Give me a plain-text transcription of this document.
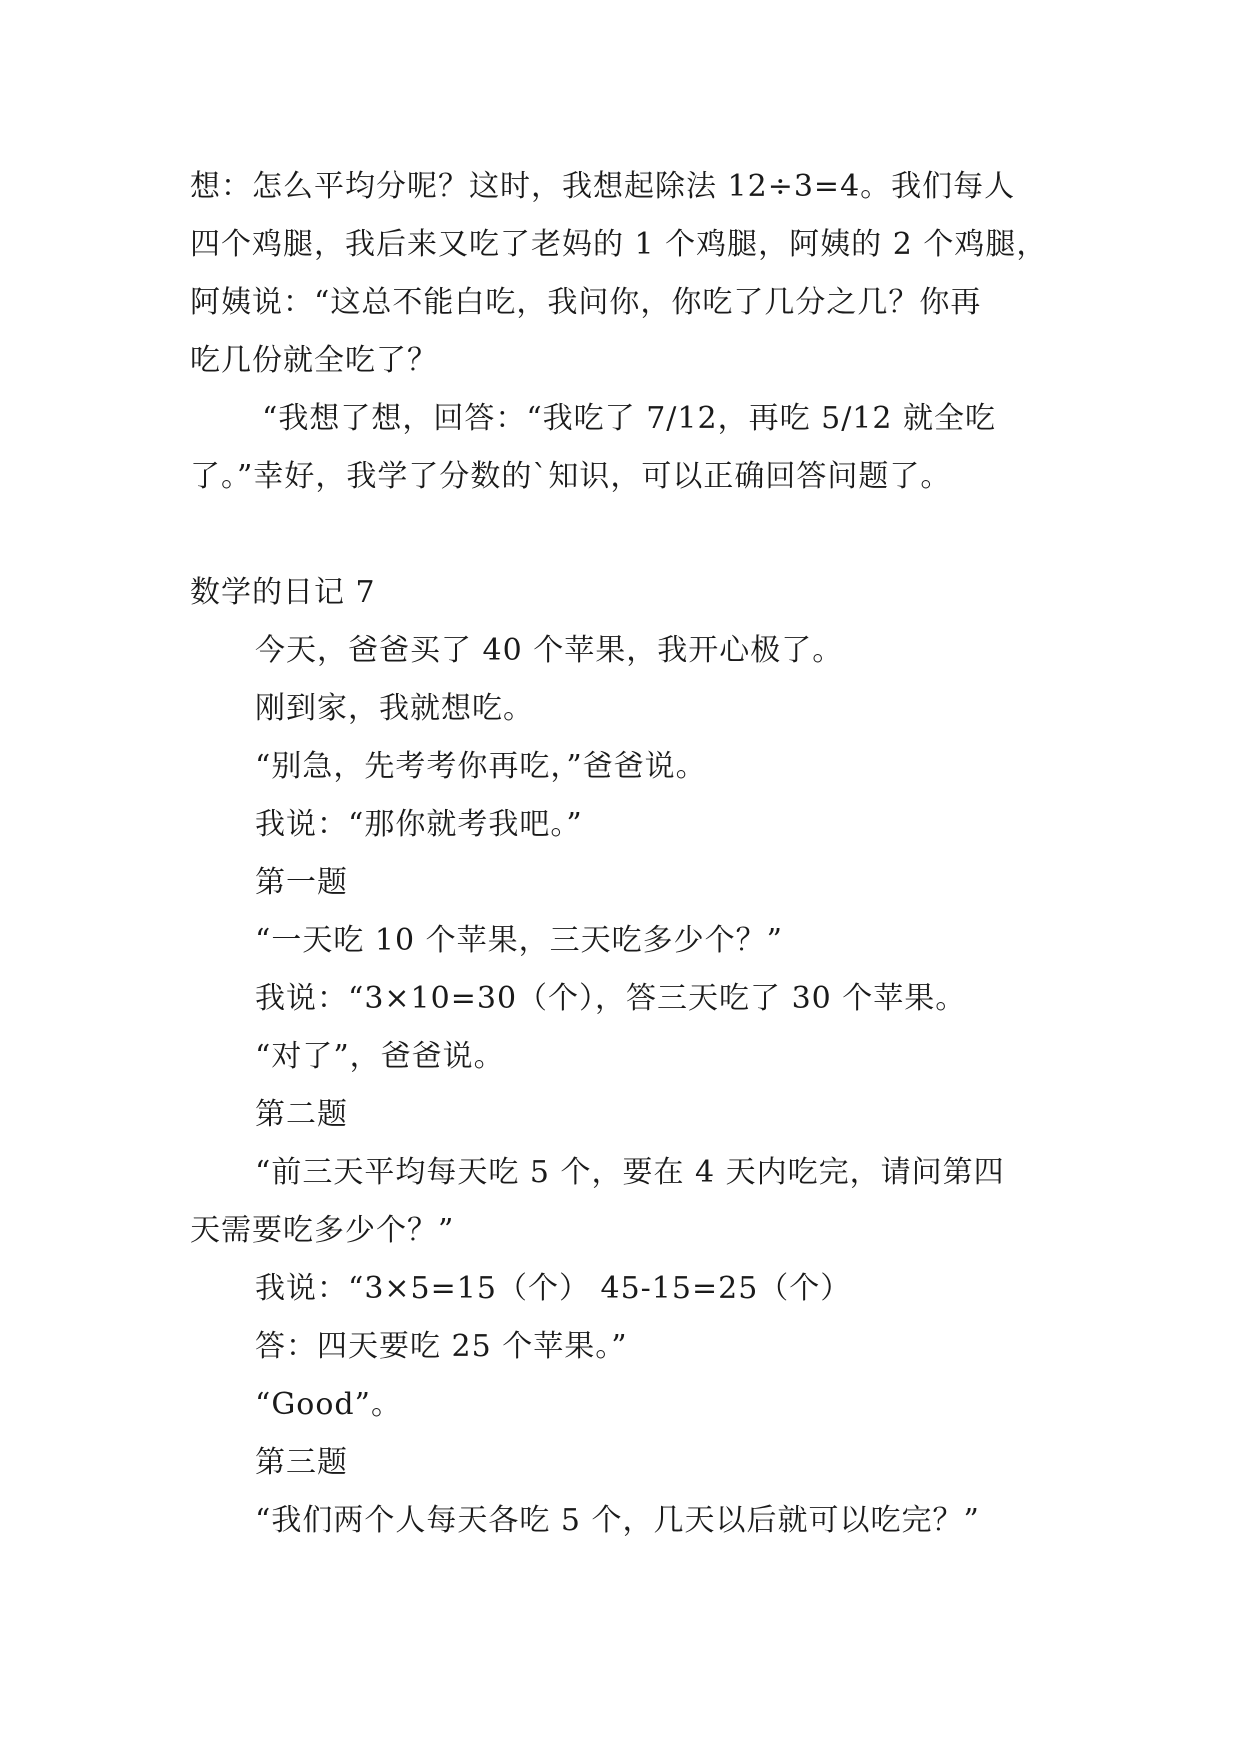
想：怎么平均分呢？这时，我想起除法 12÷3=4。我们每人
四个鸡腿，我后来又吃了老妈的 1 个鸡腿，阿姨的 2 个鸡腿，
阿姨说：“这总不能白吃，我问你，你吃了几分之几？你再
吃几份就全吃了？
“我想了想，回答：“我吃了 7/12，再吃 5/12 就全吃
了。”幸好，我学了分数的`知识，可以正确回答问题了。
数学的日记 7
今天，爸爸买了 40 个苹果，我开心极了。
刚到家，我就想吃。
“别急，先考考你再吃，”爸爸说。
我说：“那你就考我吧。”
第一题
“一天吃 10 个苹果，三天吃多少个？”
我说：“3×10=30（个），答三天吃了 30 个苹果。
“对了”，爸爸说。
第二题
“前三天平均每天吃 5 个，要在 4 天内吃完，请问第四
天需要吃多少个？”
我说：“3×5=15（个） 45-15=25（个）
答：四天要吃 25 个苹果。”
“Good”。
第三题
“我们两个人每天各吃 5 个，几天以后就可以吃完？”
